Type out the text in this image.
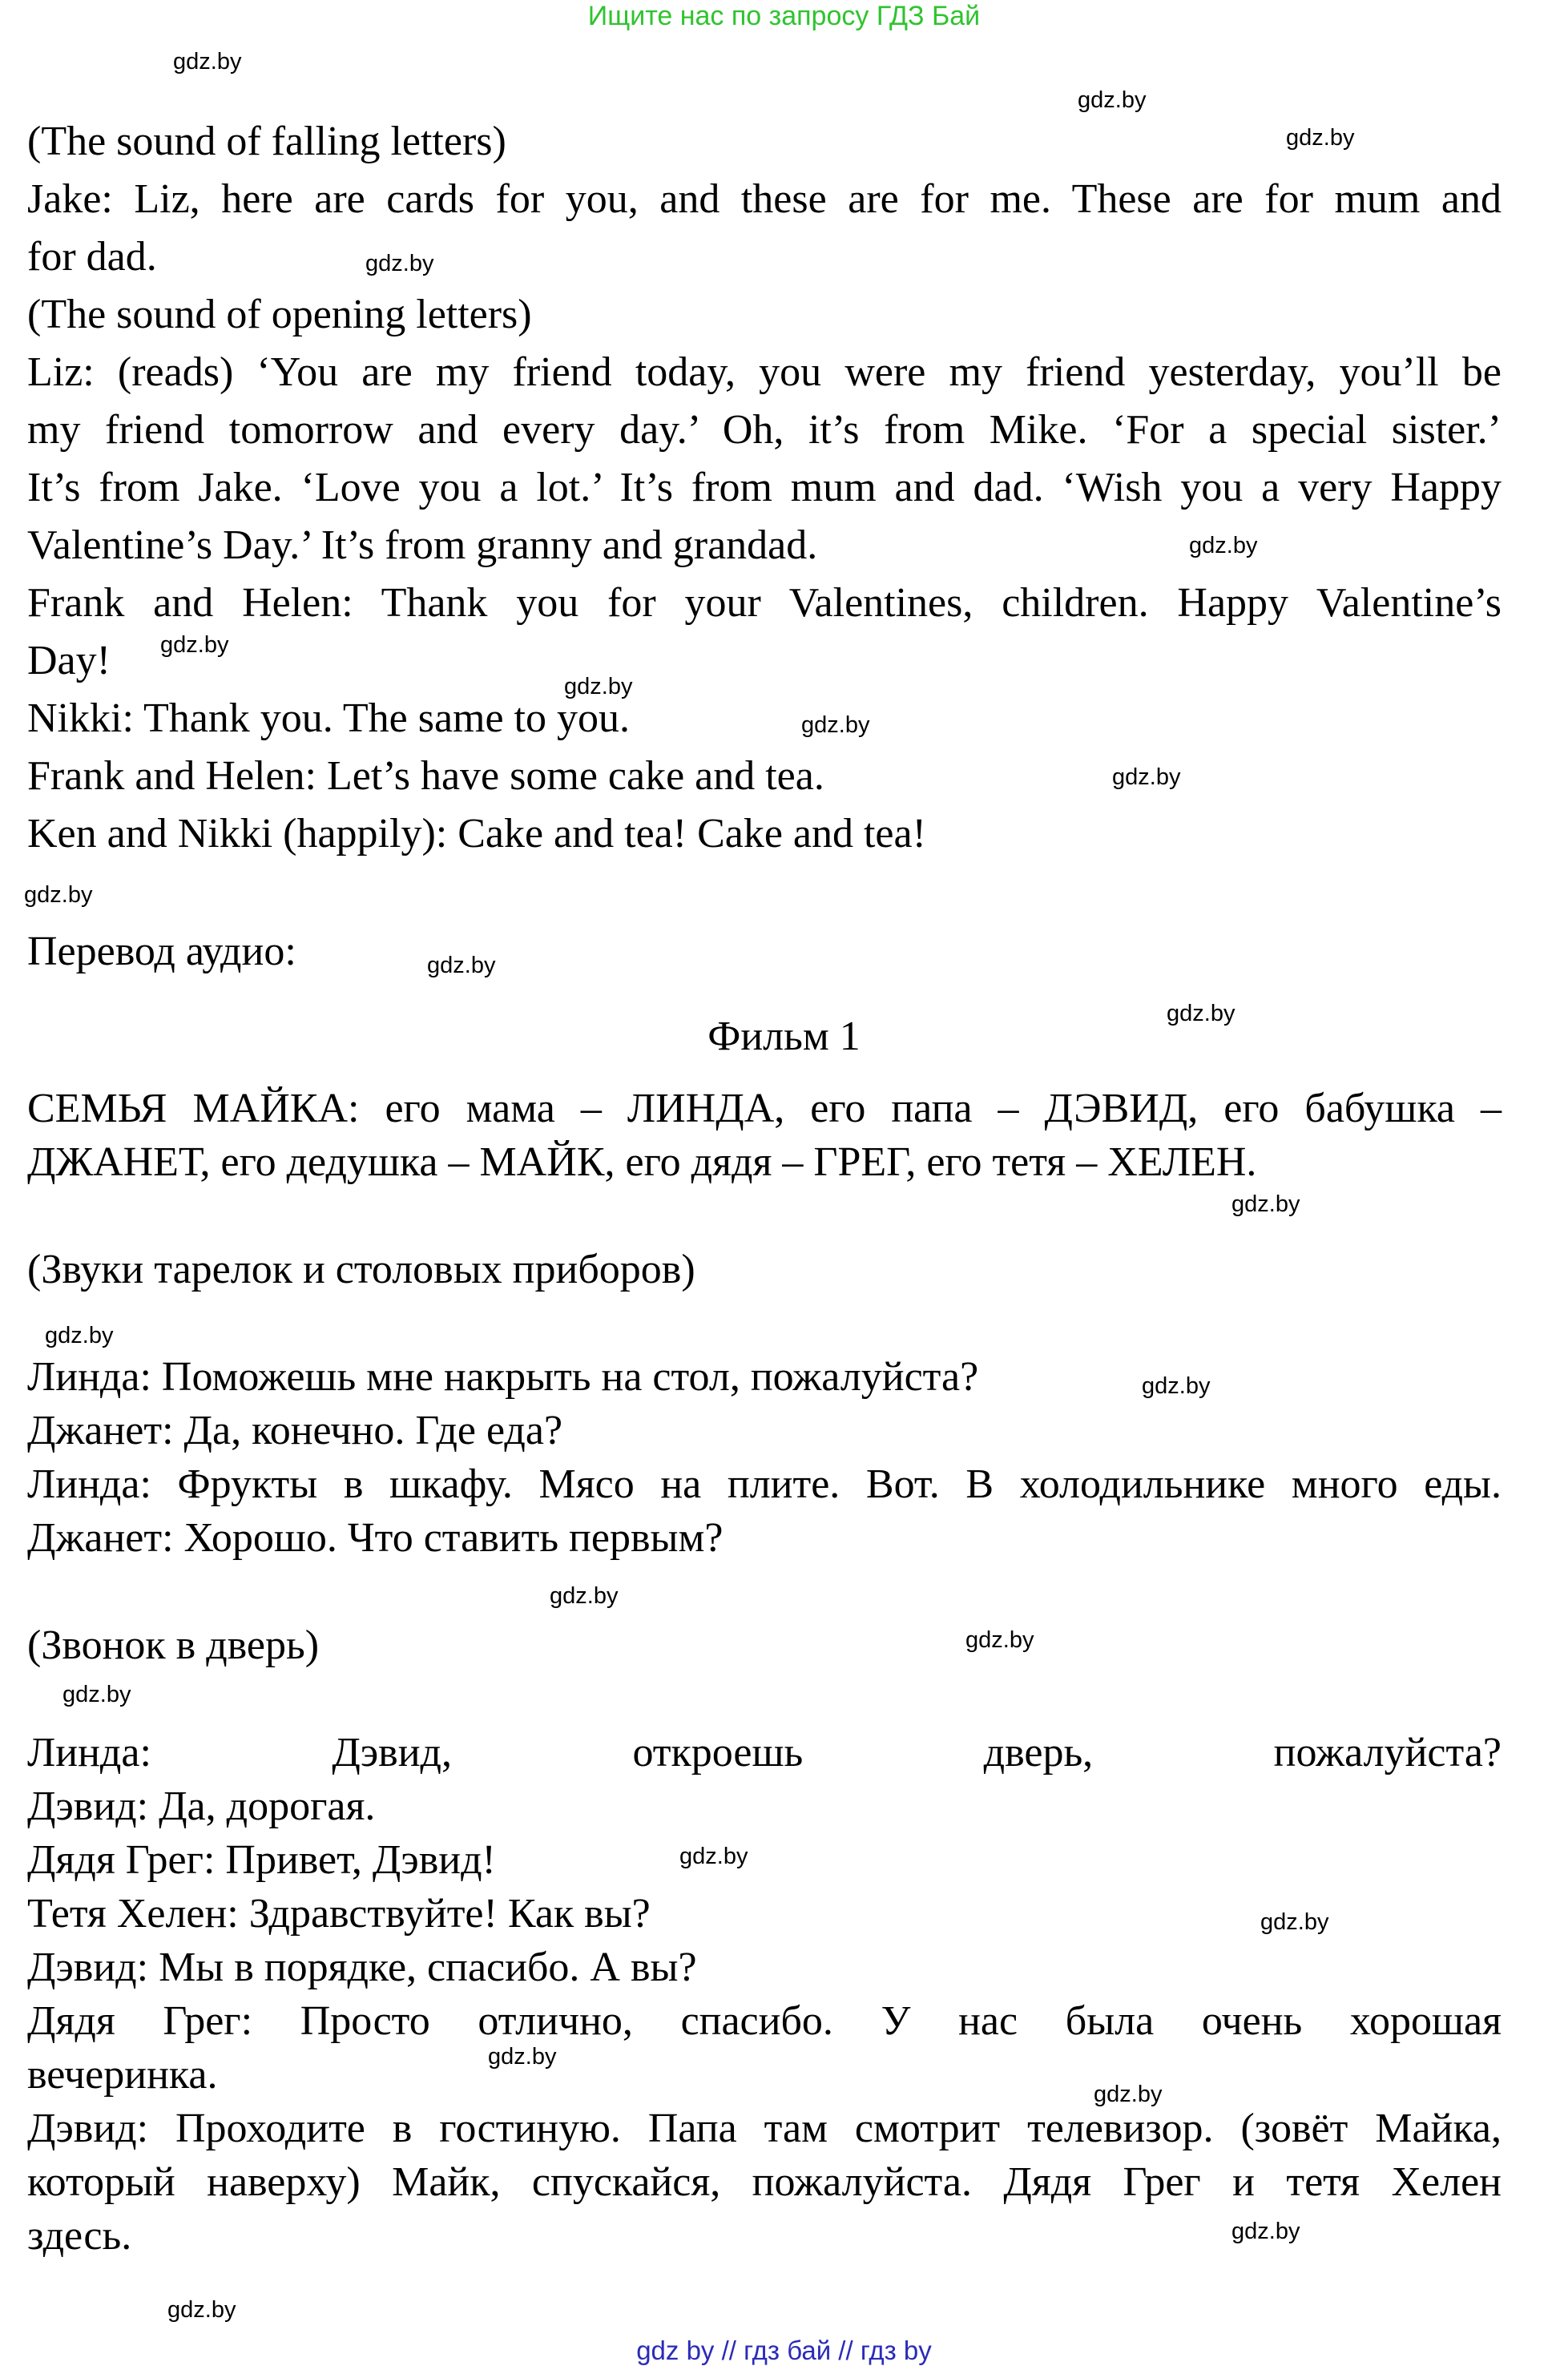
Ищите нас по запросу ГДЗ Бай
(The sound of falling letters)
Jake: Liz, here are cards for you, and these are for me. These are for mum and
for dad.
(The sound of opening letters)
Liz: (reads) ‘You are my friend today, you were my friend yesterday, you’ll be
my friend tomorrow and every day.’ Oh, it’s from Mike. ‘For a special sister.’
It’s from Jake. ‘Love you a lot.’ It’s from mum and dad. ‘Wish you a very Happy
Valentine’s Day.’ It’s from granny and grandad.
Frank and Helen: Thank you for your Valentines, children. Happy Valentine’s
Day!
Nikki: Thank you. The same to you.
Frank and Helen: Let’s have some cake and tea.
Ken and Nikki (happily): Cake and tea! Cake and tea!
Перевод аудио:
Фильм 1
СЕМЬЯ МАЙКА: его мама – ЛИНДА, его папа – ДЭВИД, его бабушка –
ДЖАНЕТ, его дедушка – МАЙК, его дядя – ГРЕГ, его тетя – ХЕЛЕН.
(Звуки тарелок и столовых приборов)
Линда: Поможешь мне накрыть на стол, пожалуйста?
Джанет: Да, конечно. Где еда?
Линда: Фрукты в шкафу. Мясо на плите. Вот. В холодильнике много еды.
Джанет: Хорошо. Что ставить первым?
(Звонок в дверь)
Линда: Дэвид, откроешь дверь, пожалуйста?
Дэвид: Да, дорогая.
Дядя Грег: Привет, Дэвид!
Тетя Хелен: Здравствуйте! Как вы?
Дэвид: Мы в порядке, спасибо. А вы?
Дядя Грег: Просто отлично, спасибо. У нас была очень хорошая
вечеринка.
Дэвид: Проходите в гостиную. Папа там смотрит телевизор. (зовёт Майка,
который наверху) Майк, спускайся, пожалуйста. Дядя Грег и тетя Хелен
здесь.
gdz.by
gdz.by
gdz.by
gdz.by
gdz.by
gdz.by
gdz.by
gdz.by
gdz.by
gdz.by
gdz.by
gdz.by
gdz.by
gdz.by
gdz.by
gdz.by
gdz.by
gdz.by
gdz.by
gdz.by
gdz.by
gdz.by
gdz.by
gdz.by
gdz by // гдз бай // гдз by
